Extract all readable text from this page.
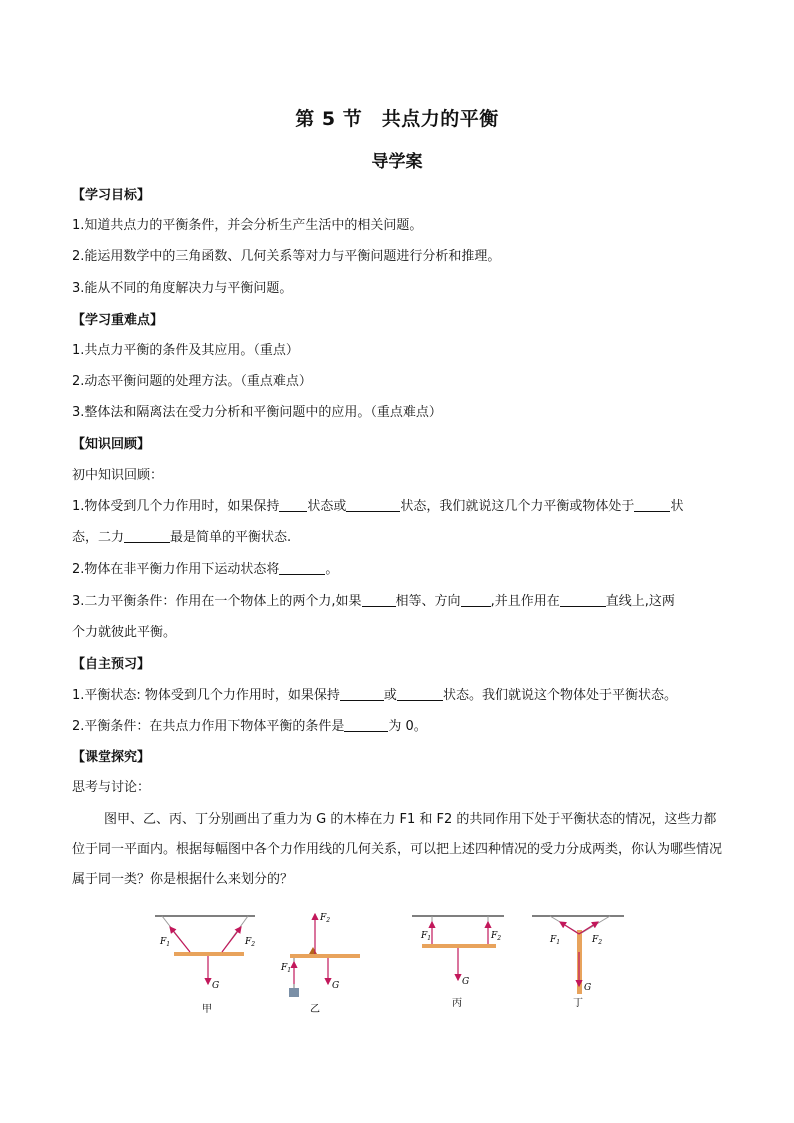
第 5 节　共点力的平衡
导学案
【学习目标】
1.知道共点力的平衡条件，并会分析生产生活中的相关问题。
2.能运用数学中的三角函数、几何关系等对力与平衡问题进行分析和推理。
3.能从不同的角度解决力与平衡问题。
【学习重难点】
1.共点力平衡的条件及其应用。（重点）
2.动态平衡问题的处理方法。（重点难点）
3.整体法和隔离法在受力分析和平衡问题中的应用。（重点难点）
【知识回顾】
初中知识回顾：
1.物体受到几个力作用时，如果保持 状态或	状态，我们就说这几个力平衡或物体处于	状
态，二力	最是简单的平衡状态.
2.物体在非平衡力作用下运动状态将	。
3.二力平衡条件：作用在一个物体上的两个力,如果	相等、方向 ,并且作用在	直线上,这两
个力就彼此平衡。
【自主预习】
1.平衡状态: 物体受到几个力作用时，如果保持	或	状态。我们就说这个物体处于平衡状态。
2.平衡条件：在共点力作用下物体平衡的条件是	为 0。
【课堂探究】
思考与讨论：
图甲、乙、丙、丁分别画出了重力为 G 的木棒在力 F1 和 F2 的共同作用下处于平衡状态的情况，这些力都位于同一平面内。根据每幅图中各个力作用线的几何关系，可以把上述四种情况的受力分成两类，你认为哪些情况属于同一类？你是根据什么来划分的？
$F_1$	$F_2$
G
甲
$F_2$
$F_1$
G
乙
$F_1$	$F_2$
G
丙
$F_1$	$F_2$
G
丁
